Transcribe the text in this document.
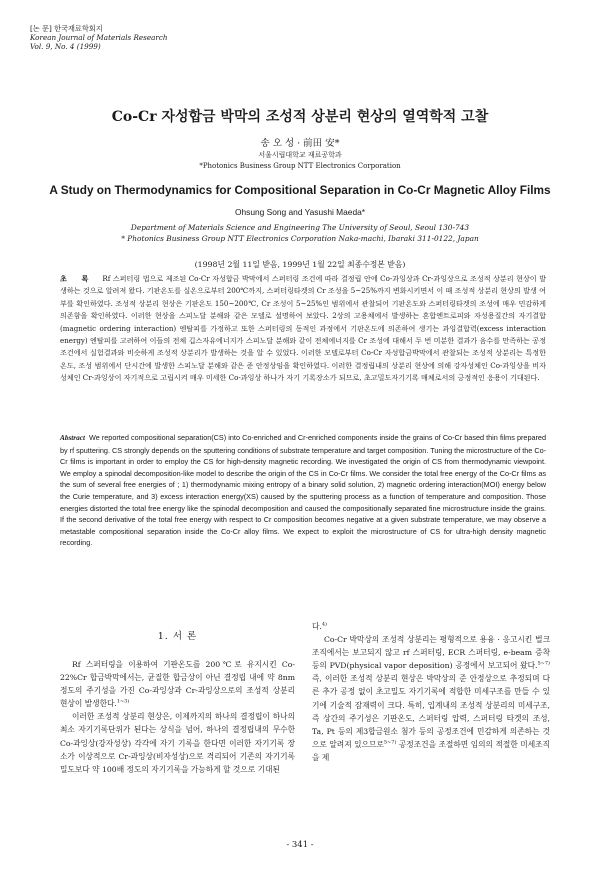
[논 문] 한국재료학회지
Korean Journal of Materials Research
Vol. 9, No. 4 (1999)
Co-Cr 자성합금 박막의 조성적 상분리 현상의 열역학적 고찰
송 오 성 · 前田 安*
서울시립대학교 재료공학과
*Photonics Business Group NTT Electronics Corporation
A Study on Thermodynamics for Compositional Separation in Co-Cr Magnetic Alloy Films
Ohsung Song and Yasushi Maeda*
Department of Materials Science and Engineering The University of Seoul, Seoul 130-743
* Photonics Business Group NTT Electronics Corporation Naka-machi, Ibaraki 311-0122, Japan
(1998년 2월 11일 받음, 1999년 1월 22일 최종수정본 받음)
초 록 Rf 스퍼터링 법으로 제조된 Co-Cr 자성합금 박막에서 스퍼터링 조건에 따라 결정립 안에 Co-과잉상과 Cr-과잉상으로 조성적 상분리 현상이 발생하는 것으로 알려져 왔다. 기판온도를 실온으로부터 200℃까지, 스퍼터링타겟의 Cr 조성을 5~25%까지 변화시키면서 이 때 조성적 상분리 현상의 발생 여부를 확인하였다. 조성적 상분리 현상은 기판온도 150~200℃, Cr 조성이 5~25%인 범위에서 관찰되어 기판온도와 스퍼터링타겟의 조성에 매우 민감하게 의존함을 확인하였다. 이러한 현상을 스피노달 분해와 같은 모델로 설명하여 보았다. 2상의 고용체에서 발생하는 혼합엔트로피와 자성용질간의 자기결합 (magnetic ordering interaction) 엔탈피를 가정하고 또한 스퍼터링의 동적인 과정에서 기판온도에 의존하여 생기는 과잉결합력(excess interaction energy) 엔탈피를 고려하여 이들의 전체 깁스자유에너지가 스피노달 분해와 같이 전체에너지를 Cr 조성에 대해서 두 번 미분한 결과가 음수를 만족하는 공정조건에서 실험결과와 비슷하게 조성적 상분리가 발생하는 것을 알 수 있었다. 이러한 모델로부터 Co-Cr 자성합금박막에서 관찰되는 조성적 상분리는 특정한 온도, 조성 범위에서 단시간에 발생한 스피노달 분해와 같은 준 안정상임을 확인하였다. 이러한 결정립내의 상분리 현상에 의해 강자성체인 Co-과잉상을 비자성체인 Cr-과잉상이 자기적으로 고립시켜 매우 미세한 Co-과잉상 하나가 자기 기록장소가 되므로, 초고밀도자기기록 매체로서의 긍정적인 응용이 기대된다.
Abstract We reported compositional separation(CS) into Co-enriched and Cr-enriched components inside the grains of Co-Cr based thin films prepared by rf sputtering. CS strongly depends on the sputtering conditions of substrate temperature and target composition. Tuning the microstructure of the Co-Cr films is important in order to employ the CS for high-density magnetic recording. We investigated the origin of CS from thermodynamic viewpoint. We employ a spinodal decomposition-like model to describe the origin of the CS in Co-Cr films. We consider the total free energy of the Co-Cr films as the sum of several free energies of ; 1) thermodynamic mixing entropy of a binary solid solution, 2) magnetic ordering interaction(MOI) energy below the Curie temperature, and 3) excess interaction energy(XS) caused by the sputtering process as a function of temperature and composition. Those energies distorted the total free energy like the spinodal decomposition and caused the compositionally separated fine microstructure inside the grains. If the second derivative of the total free energy with respect to Cr composition becomes negative at a given substrate temperature, we may observe a metastable compositional separation inside the Co-Cr alloy films. We expect to exploit the microstructure of CS for ultra-high density magnetic recording.
1. 서 론

Rf 스퍼터링을 이용하여 기판온도를 200℃로 유지시킨 Co-22%Cr 합금박막에서는, 균질한 합금상이 아닌 결정립 내에 약 8nm 정도의 주기성을 가진 Co-과잉상과 Cr-과잉상으로의 조성적 상분리 현상이 발생한다.$^{1\sim 3)}$

이러한 조성적 상분리 현상은, 이제까지의 하나의 결정립이 하나의 최소 자기기록단위가 된다는 상식을 넘어, 하나의 결정립내의 무수한 Co-과잉상(강자성상) 각각에 자기 기록을 한다면 이러한 자기기록 장소가 이상적으로 Cr-과잉상(비자성상)으로 격리되어 기존의 자기기록 밀도보다 약 100배 정도의 자기기록을 가능하게 할 것으로 기대된

다.$^{4)}$

Co-Cr 박막상의 조성적 상분리는 평형적으로 용융 · 응고시킨 벌크 조직에서는 보고되지 않고 rf 스퍼터링, ECR 스퍼터링, e-beam 증착 등의 PVD(physical vapor deposition) 공정에서 보고되어 왔다.$^{5\sim 7)}$ 즉, 이러한 조성적 상분리 현상은 박막상의 준 안정상으로 추정되며 다른 추가 공정 없이 초고밀도 자기기록에 적합한 미세구조를 만들 수 있기에 기술적 잠재력이 크다. 특히, 입계내의 조성적 상분리의 미세구조, 즉 상간의 주기성은 기판온도, 스퍼터링 압력, 스퍼터링 타겟의 조성, Ta, Pt 등의 제3합금원소 첨가 등의 공정조건에 민감하게 의존하는 것으로 알려져 있으므로$^{5\sim 7)}$ 공정조건을 조절하면 임의의 적절한 미세조직을 제

- 341 -
